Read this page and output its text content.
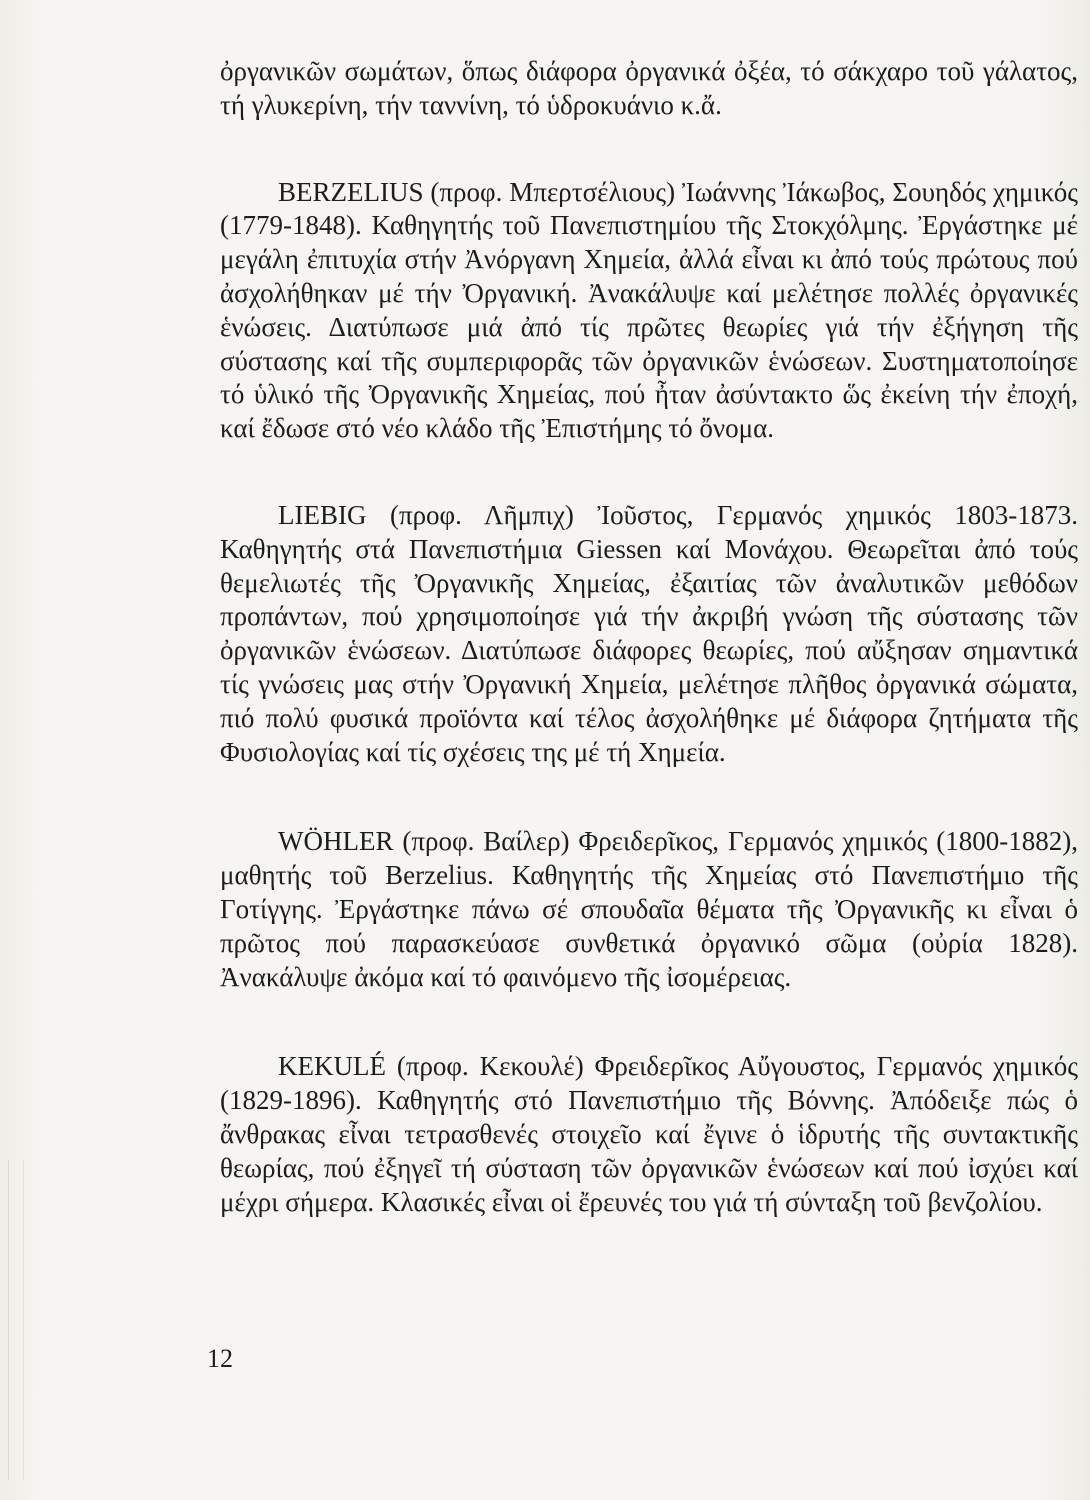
ὀργανικῶν σωμάτων, ὅπως διάφορα ὀργανικά ὀξέα, τό σάκχαρο τοῦ γάλατος, τή γλυκερίνη, τήν ταννίνη, τό ὑδροκυάνιο κ.ἄ.

BERZELIUS (προφ. Μπερτσέλιους) Ἰωάννης Ἰάκωβος, Σουηδός χημικός (1779-1848). Καθηγητής τοῦ Πανεπιστημίου τῆς Στοκχόλμης. Ἐργάστηκε μέ μεγάλη ἐπιτυχία στήν Ἀνόργανη Χημεία, ἀλλά εἶναι κι ἀπό τούς πρώτους πού ἀσχολήθηκαν μέ τήν Ὀργανική. Ἀνακάλυψε καί μελέτησε πολλές ὀργανικές ἑνώσεις. Διατύπωσε μιά ἀπό τίς πρῶτες θεωρίες γιά τήν ἐξήγηση τῆς σύστασης καί τῆς συμπεριφορᾶς τῶν ὀργανικῶν ἑνώσεων. Συστηματοποίησε τό ὑλικό τῆς Ὀργανικῆς Χημείας, πού ἦταν ἀσύντακτο ὥς ἐκείνη τήν ἐποχή, καί ἔδωσε στό νέο κλάδο τῆς Ἐπιστήμης τό ὄνομα.

LIEBIG (προφ. Λῆμπιχ) Ἰοῦστος, Γερμανός χημικός 1803-1873. Καθηγητής στά Πανεπιστήμια Giessen καί Μονάχου. Θεωρεῖται ἀπό τούς θεμελιωτές τῆς Ὀργανικῆς Χημείας, ἐξαιτίας τῶν ἀναλυτικῶν μεθόδων προπάντων, πού χρησιμοποίησε γιά τήν ἀκριβή γνώση τῆς σύστασης τῶν ὀργανικῶν ἑνώσεων. Διατύπωσε διάφορες θεωρίες, πού αὔξησαν σημαντικά τίς γνώσεις μας στήν Ὀργανική Χημεία, μελέτησε πλῆθος ὀργανικά σώματα, πιό πολύ φυσικά προϊόντα καί τέλος ἀσχολήθηκε μέ διάφορα ζητήματα τῆς Φυσιολογίας καί τίς σχέσεις της μέ τή Χημεία.

WÖHLER (προφ. Βαίλερ) Φρειδερῖκος, Γερμανός χημικός (1800-1882), μαθητής τοῦ Berzelius. Καθηγητής τῆς Χημείας στό Πανεπιστήμιο τῆς Γοτίγγης. Ἐργάστηκε πάνω σέ σπουδαῖα θέματα τῆς Ὀργανικῆς κι εἶναι ὁ πρῶτος πού παρασκεύασε συνθετικά ὀργανικό σῶμα (οὐρία 1828). Ἀνακάλυψε ἀκόμα καί τό φαινόμενο τῆς ἰσομέρειας.

KEKULÉ (προφ. Κεκουλέ) Φρειδερῖκος Αὔγουστος, Γερμανός χημικός (1829-1896). Καθηγητής στό Πανεπιστήμιο τῆς Βόννης. Ἀπόδειξε πώς ὁ ἄνθρακας εἶναι τετρασθενές στοιχεῖο καί ἔγινε ὁ ἱδρυτής τῆς συντακτικῆς θεωρίας, πού ἐξηγεῖ τή σύσταση τῶν ὀργανικῶν ἑνώσεων καί πού ἰσχύει καί μέχρι σήμερα. Κλασικές εἶναι οἱ ἔρευνές του γιά τή σύνταξη τοῦ βενζολίου.

12
